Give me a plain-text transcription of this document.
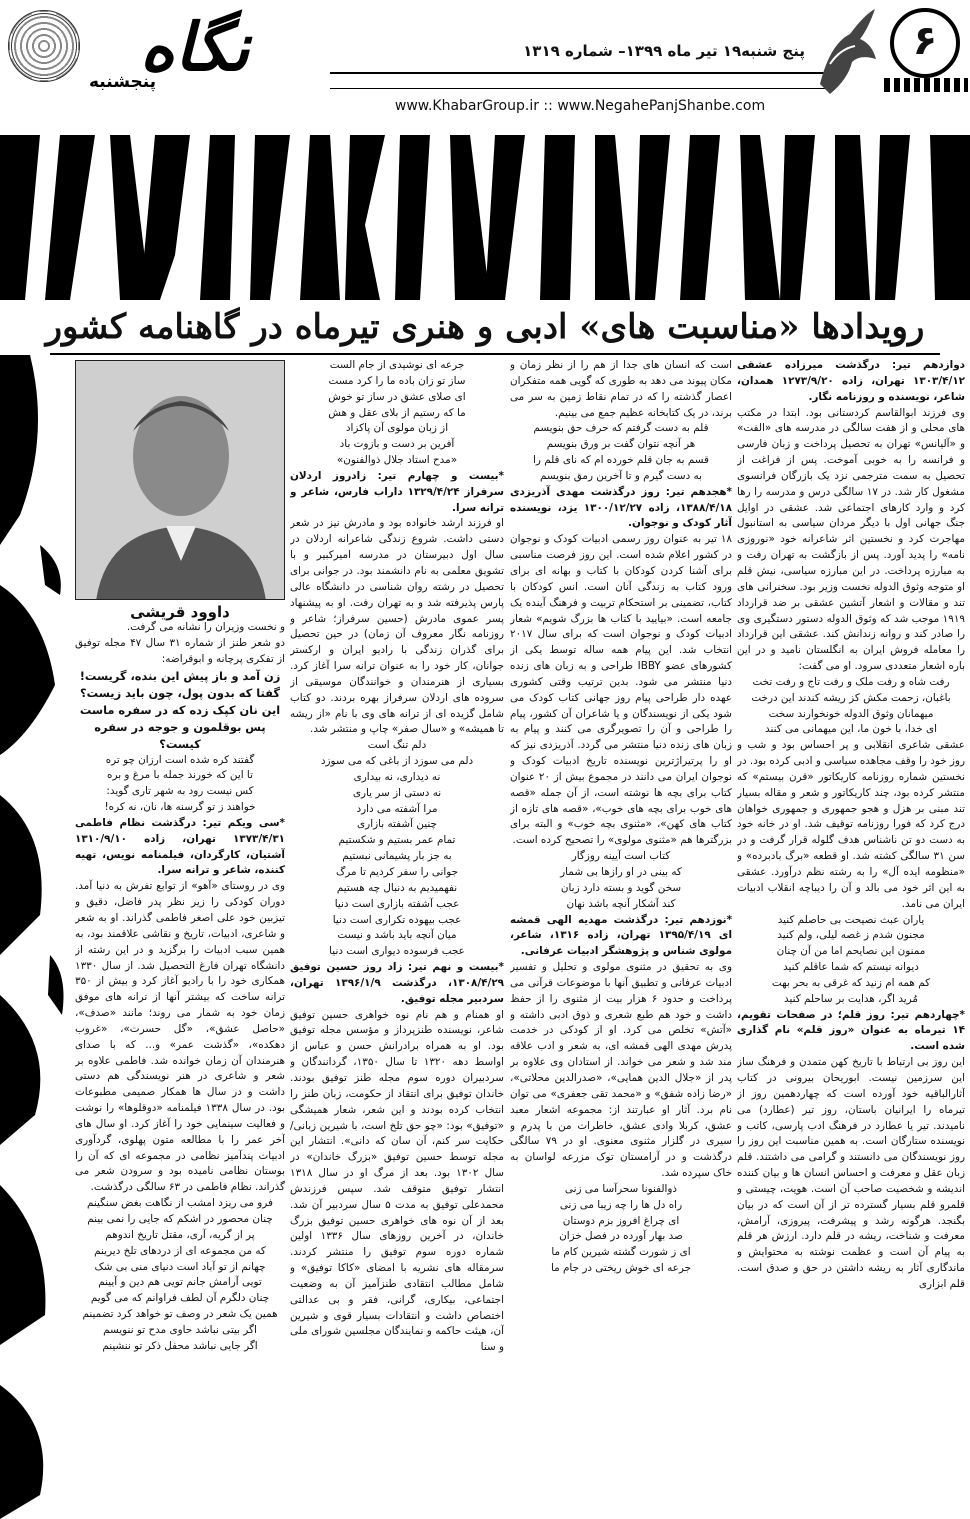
نگاه
پنجشنبه
پنج شنبه۱۹ تیر ماه ۱۳۹۹– شماره ۱۳۱۹
www.KhabarGroup.ir :: www.NegahePanjShanbe.com
۶
رویدادها «مناسبت های» ادبی و هنری تیرماه در گاهنامه کشور

دوازدهم تیر: درگذشت میرزاده عشقی ۱۳۰۳/۴/۱۲ تهران، زاده ۱۲۷۳/۹/۲۰ همدان، شاعر، نویسنده و روزنامه نگار.

وی فرزند ابوالقاسم کردستانی بود. ابتدا در مکتب های محلی و از هفت سالگی در مدرسه های «الفت» و «آلیانس» تهران به تحصیل پرداخت و زبان فارسی و فرانسه را به خوبی آموخت. پس از فراغت از تحصیل به سمت مترجمی نزد یک بازرگان فرانسوی مشغول کار شد. در ۱۷ سالگی درس و مدرسه را رها کرد و وارد کارهای اجتماعی شد. عشقی در اوایل جنگ جهانی اول با دیگر مردان سیاسی به استانبول مهاجرت کرد و نخستین اثر شاعرانه خود «نوروزی نامه» را پدید آورد. پس از بازگشت به تهران رفت و به مبارزه پرداخت. در این مبارزه سیاسی، نیش قلم او متوجه وثوق الدوله نخست وزیر بود. سخنرانی های تند و مقالات و اشعار آتشین عشقی بر ضد قرارداد ۱۹۱۹ موجب شد که وثوق الدوله دستور دستگیری وی را صادر کند و روانه زندانش کند. عشقی این قرارداد را معامله فروش ایران به انگلستان نامید و در این باره اشعار متعددی سرود. او می گفت:

رفت شاه و رفت ملک و رفت تاج و رفت تخت

باغبان، زحمت مکش کز ریشه کندند این درخت

میهمانان وثوق الدوله خونخوارند سخت

ای خدا، با خون ما، این میهمانی می کنند

عشقی شاعری انقلابی و پر احساس بود و شب و روز خود را وقف مجاهده سیاسی و ادبی کرده بود. در نخستین شماره روزنامه کاریکاتور «قرن بیستم» که منتشر کرده بود، چند کاریکاتور و شعر و مقاله بسیار تند مبنی بر هزل و هجو جمهوری و جمهوری خواهان درج کرد که فورا روزنامه توقیف شد. او در خانه خود به دست دو تن ناشناس هدف گلوله قرار گرفت و در سن ۳۱ سالگی کشته شد. او قطعه «برگ بادبرده» و «منظومه ایده آل» را به رشته نظم درآورد. عشقی به این اثر خود می بالد و آن را دیباچه انقلاب ادبیات ایران می نامد.

یاران عبث نصیحت بی حاصلم کنید

مجنون شدم ز غصه لیلی، ولم کنید

ممنون این نصایحم اما من آن چنان

دیوانه نیستم که شما عاقلم کنید

کم همه ام زنید که غرقی به بحر بهت

مُرید اگر، هدایت بر ساحلم کنید

*چهاردهم تیر: روز قلم؛ در صفحات تقویم، ۱۴ تیرماه به عنوان «روز قلم» نام گذاری شده است.

این روز بی ارتباط با تاریخ کهن متمدن و فرهنگ ساز این سرزمین نیست. ابوریحان بیرونی در کتاب آثارالباقیه خود آورده است که چهاردهمین روز از تیرماه را ایرانیان باستان، روز تیر (عطارد) می نامیدند. تیر یا عطارد در فرهنگ ادب پارسی، کاتب و نویسنده ستارگان است. به همین مناسبت این روز را روز نویسندگان می دانستند و گرامی می داشتند. قلم زبان عقل و معرفت و احساس انسان ها و بیان کننده اندیشه و شخصیت صاحب آن است. هویت، چیستی و قلمرو قلم بسیار گسترده تر از آن است که در بیان بگنجد. هرگونه رشد و پیشرفت، پیروزی، آرامش، معرفت و شناخت، ریشه در قلم دارد. ارزش هر قلم به پیام آن است و عظمت نوشته به محتوایش و ماندگاری آثار به ریشه داشتن در حق و صدق است. قلم ابزاری

است که انسان های جدا از هم را از نظر زمان و مکان پیوند می دهد به طوری که گویی همه متفکران اعصار گذشته را که در تمام نقاط زمین به سر می برند، در یک کتابخانه عظیم جمع می بینیم.

قلم به دست گرفتم که حرف حق بنویسم

هر آنچه نتوان گفت بر ورق بنویسم

قسم به جان قلم خورده ام که نای قلم را

به دست گیرم و تا آخرین رمق بنویسم

*هجدهم تیر: روز درگذشت مهدی آذریزدی ۱۳۸۸/۴/۱۸، زاده ۱۳۰۰/۱۲/۲۷ یزد، نویسنده آثار کودک و نوجوان.

۱۸ تیر به عنوان روز رسمی ادبیات کودک و نوجوان در کشور اعلام شده است. این روز فرصت مناسبی برای آشنا کردن کودکان با کتاب و بهانه ای برای ورود کتاب به زندگی آنان است. انس کودکان با کتاب، تضمینی بر استحکام تربیت و فرهنگ آینده یک جامعه است. «بیایید با کتاب ها بزرگ شویم» شعار ادبیات کودک و نوجوان است که برای سال ۲۰۱۷ انتخاب شد. این پیام همه ساله توسط یکی از کشورهای عضو IBBY طراحی و به زبان های زنده دنیا منتشر می شود. بدین ترتیب وقتی کشوری عهده دار طراحی پیام روز جهانی کتاب کودک می شود یکی از نویسندگان و یا شاعران آن کشور، پیام را طراحی و آن را تصویرگری می کنند و پیام به زبان های زنده دنیا منتشر می گردد. آذریزدی نیز که او را پرتیراژترین نویسنده تاریخ ادبیات کودک و نوجوان ایران می دانند در مجموع بیش از ۲۰ عنوان کتاب برای بچه ها نوشته است، از آن جمله «قصه های خوب برای بچه های خوب»، «قصه های تازه از کتاب های کهن»، «مثنوی بچه خوب» و البته برای بزرگترها هم «مثنوی مولوی» را تصحیح کرده است.

کتاب است آیینه روزگار

که بینی در او رازها بی شمار

سخن گوید و بسته دارد زبان

کند آشکار آنچه باشد نهان

*نوزدهم تیر: درگذشت مهدیه الهی قمشه ای ۱۳۹۵/۴/۱۹ تهران، زاده ۱۳۱۶، شاعر، مولوی شناس و پژوهشگر ادبیات عرفانی.

وی به تحقیق در مثنوی مولوی و تحلیل و تفسیر ادبیات عرفانی و تطبیق آنها با موضوعات قرآنی می پرداخت و حدود ۶ هزار بیت از مثنوی را از حفظ داشت و خود هم طبع شعری و ذوق ادبی داشته و «آتش» تخلص می کرد. او از کودکی در خدمت پدرش مهدی الهی قمشه ای، به شعر و ادب علاقه مند شد و شعر می خواند. از استادان وی علاوه بر پدر از «جلال الدین همایی»، «صدرالدین محلاتی»، «رضا زاده شفق» و «محمد تقی جعفری» می توان نام برد. آثار او عبارتند از: مجموعه اشعار معبد عشق، کربلا وادی عشق، خاطرات من با پدرم و سیری در گلزار مثنوی معنوی. او در ۷۹ سالگی درگذشت و در آرامستان توک مزرعه لواسان به خاک سپرده شد.

ذوالفنونا سحرآسا می زنی

راه دل ها را چه زیبا می زنی

ای چراغ افروز بزم دوستان

صد بهار آورده در فصل خزان

ای ز شورت گشته شیرین کام ما

جرعه ای خوش ریختی در جام ما

جرعه ای نوشیدی از جام الست

ساز تو زان باده ما را کرد مست

ای صلای عشق در ساز تو خوش

ما که رستیم از بلای عقل و هش

از زبان مولوی آن پاکزاد

آفرین بر دست و بازوت باد

«مدح استاد جلال ذوالفنون»

*بیست و چهارم تیر: زادروز اردلان سرفراز ۱۳۲۹/۴/۲۴ داراب فارس، شاعر و ترانه سرا.

او فرزند ارشد خانواده بود و مادرش نیز در شعر دستی داشت. شروع زندگی شاعرانه اردلان در سال اول دبیرستان در مدرسه امیرکبیر و با تشویق معلمی به نام دانشمند بود. در جوانی برای تحصیل در رشته روان شناسی در دانشگاه عالی پارس پذیرفته شد و به تهران رفت. او به پیشنهاد پسر عموی مادرش (حسین سرفراز؛ شاعر و روزنامه نگار معروف آن زمان) در حین تحصیل برای گذران زندگی با رادیو ایران و ارکستر جوانان، کار خود را به عنوان ترانه سرا آغاز کرد. بسیاری از هنرمندان و خوانندگان موسیقی از سروده های اردلان سرفراز بهره بردند. دو کتاب شامل گزیده ای از ترانه های وی با نام «از ریشه تا همیشه» و «سال صفر» چاپ و منتشر شد.

دلم تنگ است

دلم می سوزد از باغی که می سوزد

نه دیداری، نه بیداری

نه دستی از سر یاری

مرا آشفته می دارد

چنین آشفته بازاری

تمام عمر بستیم و شکستیم

به جز بار پشیمانی نبستیم

جوانی را سفر کردیم تا مرگ

نفهمیدیم به دنبال چه هستیم

عجب آشفته بازاری است دنیا

عجب بیهوده تکراری است دنیا

میان آنچه باید باشد و نیست

عجب فرسوده دیواری است دنیا

*بیست و نهم تیر: زاد روز حسین توفیق ۱۳۰۸/۴/۲۹، درگذشت ۱۳۹۶/۱/۹ تهران، سردبیر مجله توفیق.

او همنام و هم نام نوه خواهری حسین توفیق شاعر، نویسنده طنزپرداز و مؤسس مجله توفیق بود. او به همراه برادرانش حسن و عباس از اواسط دهه ۱۳۲۰ تا سال ۱۳۵۰، گردانندگان و سردبیران دوره سوم مجله طنز توفیق بودند. خاندان توفیق برای انتقاد از حکومت، زبان طنز را انتخاب کرده بودند و این شعر، شعار همیشگی «توفیق» بود: «چو حق تلخ است، با شیرین زبانی/ حکایت سر کنم، آن سان که دانی». انتشار این مجله توسط حسین توفیق «بزرگ خاندان» در سال ۱۳۰۲ بود. بعد از مرگ او در سال ۱۳۱۸ انتشار توفیق متوقف شد. سپس فرزندش محمدعلی توفیق به مدت ۵ سال سردبیر آن شد. بعد از آن نوه های خواهری حسین توفیق بزرگ خاندان، در آخرین روزهای سال ۱۳۳۶ اولین شماره دوره سوم توفیق را منتشر کردند. سرمقاله های نشریه با امضای «کاکا توفیق» و شامل مطالب انتقادی طنزآمیز آن به وضعیت اجتماعی، بیکاری، گرانی، فقر و بی عدالتی اختصاص داشت و انتقادات بسیار قوی و شیرین آن، هیئت حاکمه و نمایندگان مجلسین شورای ملی و سنا

داوود قریشی

و نخست وزیران را نشانه می گرفت.

دو شعر طنز از شماره ۳۱ سال ۴۷ مجله توفیق از تفکری پرچانه و ابوقراضه:

زن آمد و باز پیش این بنده، گریست!

گفتا که بدون پول، چون باید زیست؟

این نان کپک زده که در سفره ماست

پس بوقلمون و جوجه در سفره کیست؟

گفتند کره شده است ارزان چو تره

تا این که خورند جمله با مرغ و بره

کس نیست رود به شهر تاری گوید:

خواهند ز تو گرسنه ها، نان، نه کره!

*سی ویکم تیر: درگذشت نظام فاطمی ۱۳۷۳/۴/۳۱ تهران، زاده ۱۳۱۰/۹/۱۰ آشتیان، کارگردان، فیلمنامه نویس، تهیه کننده، شاعر و ترانه سرا.

وی در روستای «آهو» از توابع تفرش به دنیا آمد. دوران کودکی را زیر نظر پدر فاضل، دقیق و تیزبین خود علی اصغر فاطمی گذراند. او به شعر و شاعری، ادبیات، تاریخ و نقاشی علاقمند بود، به همین سبب ادبیات را برگزید و در این رشته از دانشگاه تهران فارغ التحصیل شد. از سال ۱۳۳۰ همکاری خود را با رادیو آغاز کرد و بیش از ۳۵۰ ترانه ساخت که بیشتر آنها از ترانه های موفق زمان خود به شمار می روند؛ مانند «صدف»، «حاصل عشق»، «گل حسرت»، «غروب دهکده»، «گذشت عمر» و... که با صدای هنرمندان آن زمان خوانده شد. فاطمی علاوه بر شعر و شاعری در هنر نویسندگی هم دستی داشت و در سال ها همکار صمیمی مطبوعات بود. در سال ۱۳۳۸ فیلمنامه «دوقلوها» را نوشت و فعالیت سینمایی خود را آغاز کرد. او سال های آخر عمر را با مطالعه متون پهلوی، گردآوری ادبیات پندآمیز نظامی در مجموعه ای که آن را بوستان نظامی نامیده بود و سرودن شعر می گذراند. نظام فاطمی در ۶۳ سالگی درگذشت.

فرو می ریزد امشب از نگاهت بغض سنگینم

چنان محصور در اشکم که جایی را نمی بینم

پر از گریه، آری، مقتل تاریخ اندوهم

که من مجموعه ای از دردهای تلخ دیرینم

چهانم از تو آباد است دنیای منی بی شک

تویی آرامش جانم تویی هم دین و آیینم

چنان دلگرم آن لطف فراوانم که می گویم

همین یک شعر در وصف تو خواهد کرد تضمینم

اگر بیتی نباشد حاوی مدح تو ننویسم

اگر جایی نباشد محفل ذکر تو ننشینم
